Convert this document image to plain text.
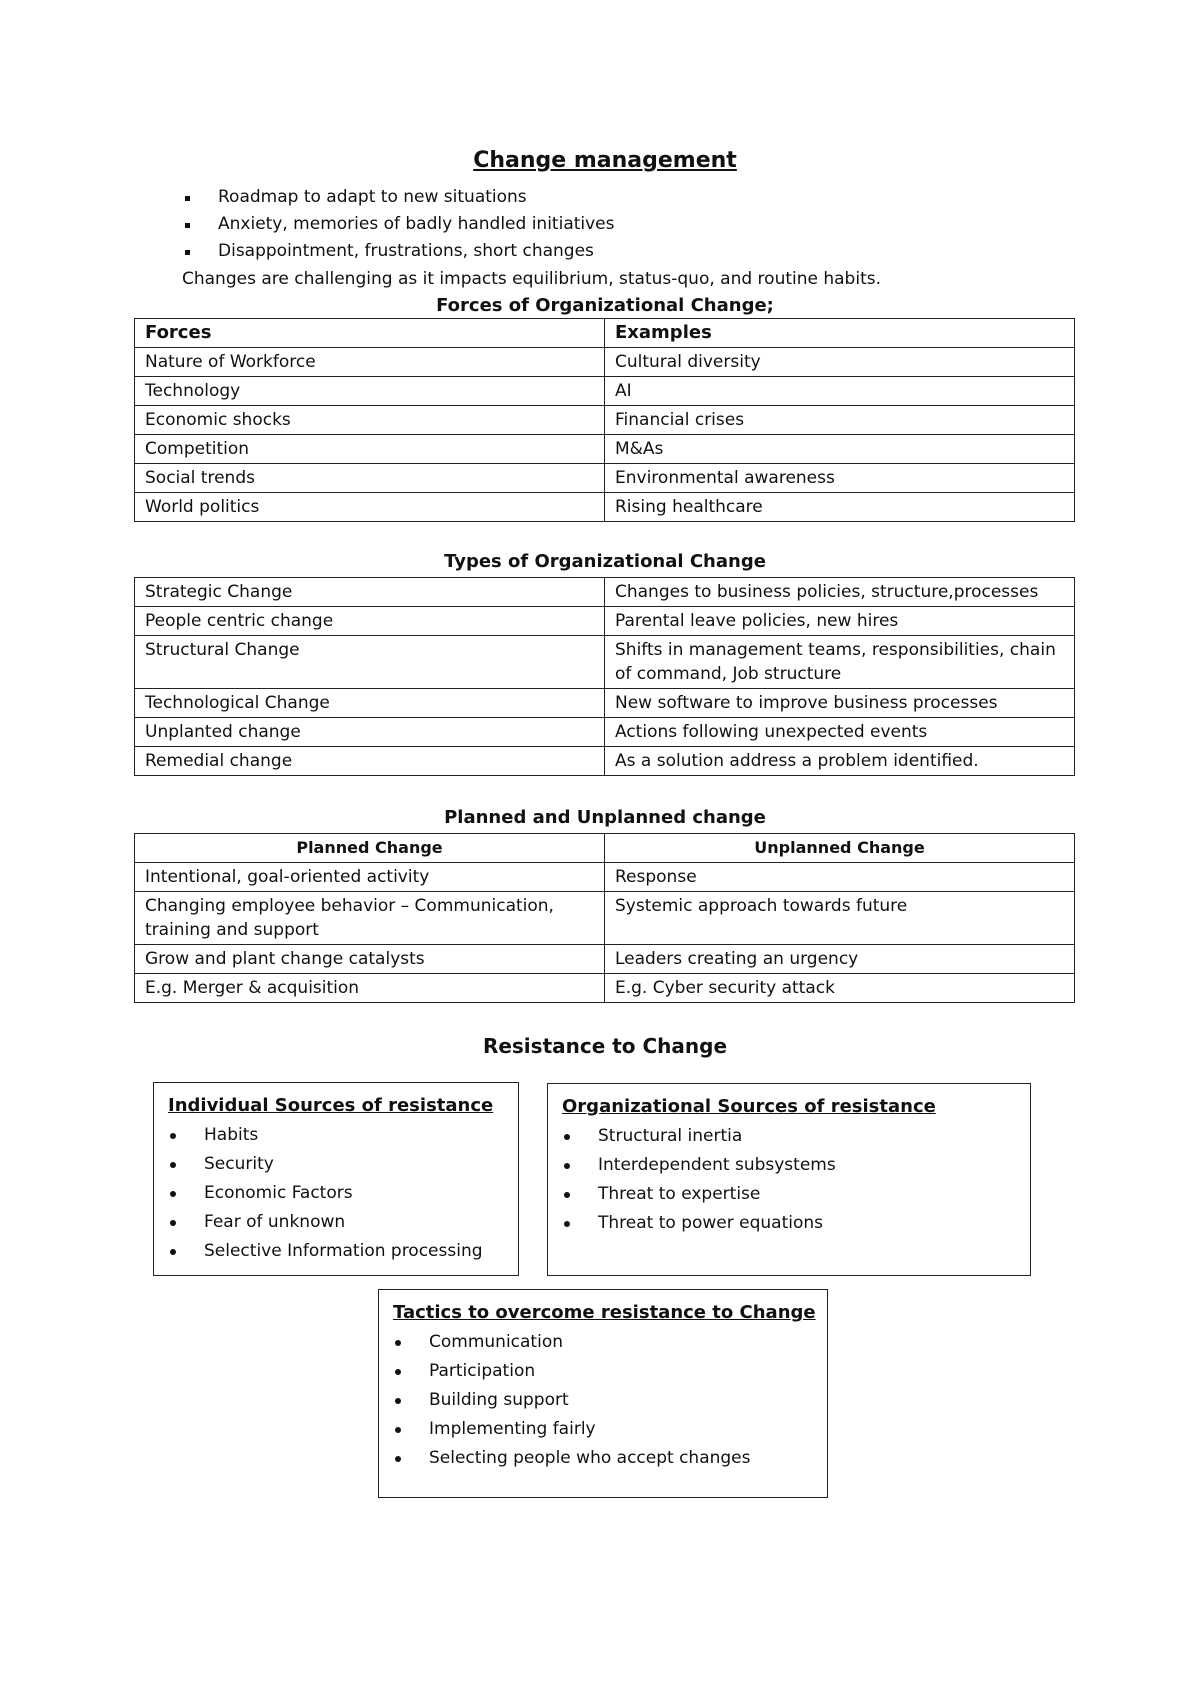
Change management
Roadmap to adapt to new situations
Anxiety, memories of badly handled initiatives
Disappointment, frustrations, short changes
Changes are challenging as it impacts equilibrium, status-quo, and routine habits.
Forces of Organizational Change;
Forces	Examples
Nature of Workforce	Cultural diversity
Technology	AI
Economic shocks	Financial crises
Competition	M&As
Social trends	Environmental awareness
World politics	Rising healthcare
Types of Organizational Change
Strategic Change	Changes to business policies, structure,processes
People centric change	Parental leave policies, new hires
Structural Change	Shifts in management teams, responsibilities, chain of command, Job structure
Technological Change	New software to improve business processes
Unplanted change	Actions following unexpected events
Remedial change	As a solution address a problem identified.
Planned and Unplanned change
Planned Change	Unplanned Change
Intentional, goal-oriented activity	Response
Changing employee behavior – Communication, training and support	Systemic approach towards future
Grow and plant change catalysts	Leaders creating an urgency
E.g. Merger & acquisition	E.g. Cyber security attack
Resistance to Change
Individual Sources of resistance
Habits
Security
Economic Factors
Fear of unknown
Selective Information processing
Organizational Sources of resistance
Structural inertia
Interdependent subsystems
Threat to expertise
Threat to power equations
Tactics to overcome resistance to Change
Communication
Participation
Building support
Implementing fairly
Selecting people who accept changes
